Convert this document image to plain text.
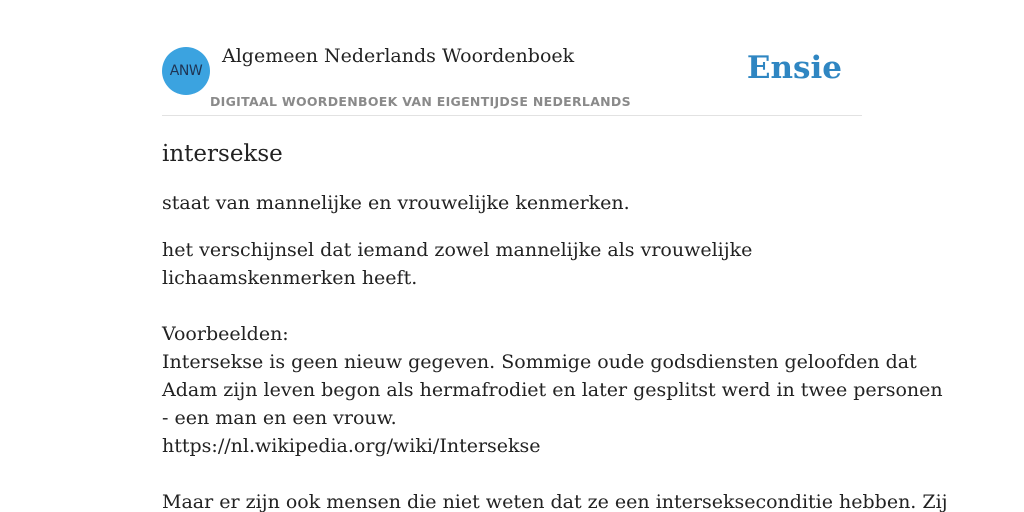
ANW
Algemeen Nederlands Woordenboek
DIGITAAL WOORDENBOEK VAN EIGENTIJDSE NEDERLANDS
Ensie
intersekse

staat van mannelijke en vrouwelijke kenmerken.

het verschijnsel dat iemand zowel mannelijke als vrouwelijke
lichaamskenmerken heeft.
Voorbeelden:
Intersekse is geen nieuw gegeven. Sommige oude godsdiensten geloofden dat
Adam zijn leven begon als hermafrodiet en later gesplitst werd in twee personen
- een man en een vrouw.
https://nl.wikipedia.org/wiki/Intersekse
Maar er zijn ook mensen die niet weten dat ze een intersekseconditie hebben. Zij
